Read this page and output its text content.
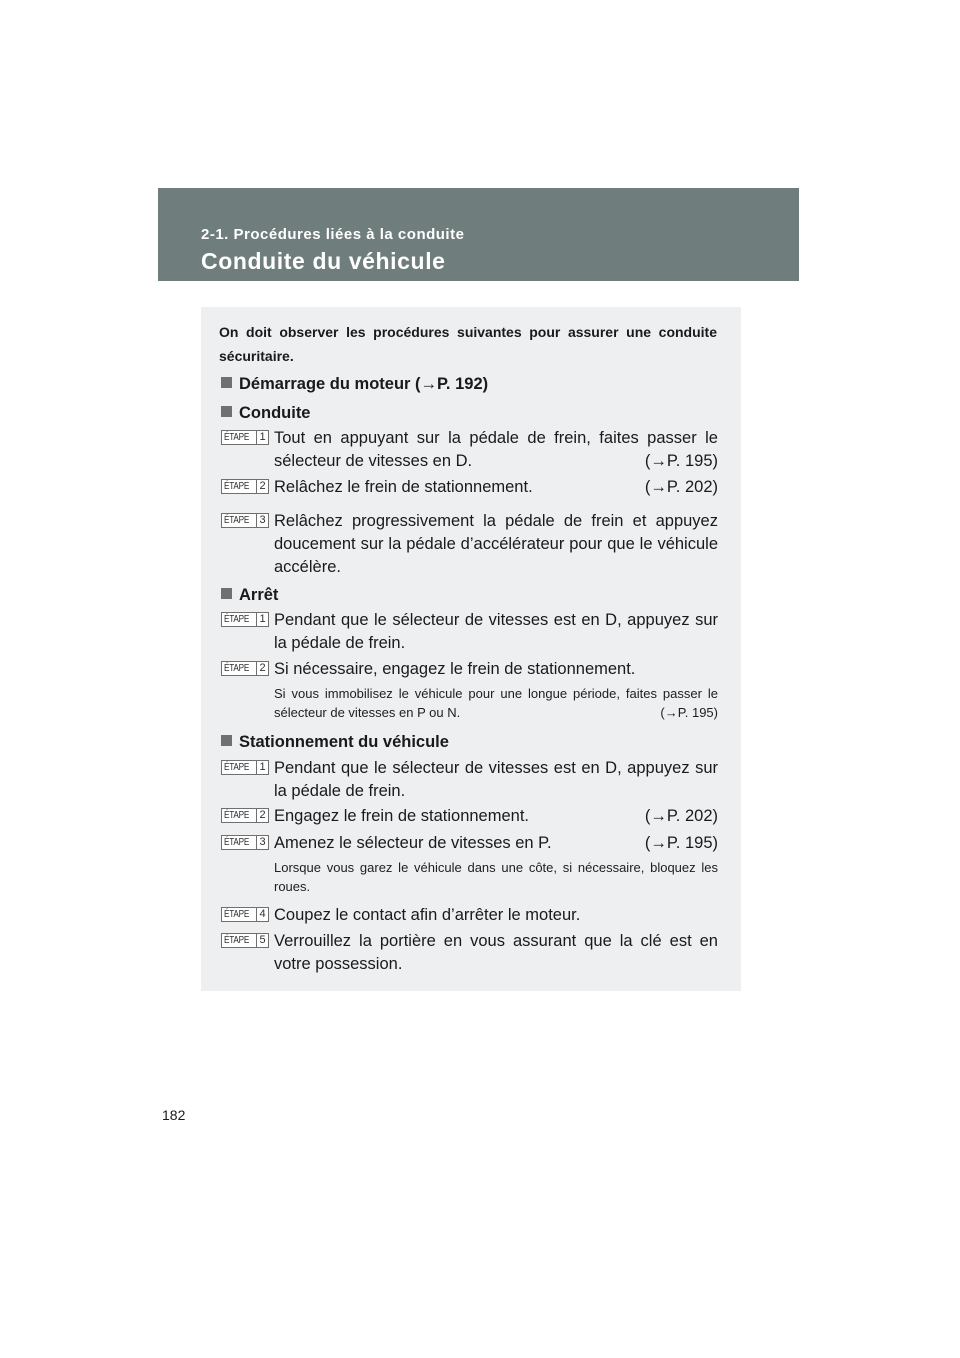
2-1. Procédures liées à la conduite
Conduite du véhicule
On doit observer les procédures suivantes pour assurer une conduite sécuritaire.
Démarrage du moteur (→P. 192)
Conduite
ÉTAPE 1 Tout en appuyant sur la pédale de frein, faites passer le sélecteur de vitesses en D.	(→P. 195)
ÉTAPE 2 Relâchez le frein de stationnement.	(→P. 202)
ÉTAPE 3 Relâchez progressivement la pédale de frein et appuyez doucement sur la pédale d’accélérateur pour que le véhicule accélère.
Arrêt
ÉTAPE 1 Pendant que le sélecteur de vitesses est en D, appuyez sur la pédale de frein.
ÉTAPE 2 Si nécessaire, engagez le frein de stationnement.
Si vous immobilisez le véhicule pour une longue période, faites passer le sélecteur de vitesses en P ou N.	(→P. 195)
Stationnement du véhicule
ÉTAPE 1 Pendant que le sélecteur de vitesses est en D, appuyez sur la pédale de frein.
ÉTAPE 2 Engagez le frein de stationnement.	(→P. 202)
ÉTAPE 3 Amenez le sélecteur de vitesses en P.	(→P. 195)
Lorsque vous garez le véhicule dans une côte, si nécessaire, bloquez les roues.
ÉTAPE 4 Coupez le contact afin d’arrêter le moteur.
ÉTAPE 5 Verrouillez la portière en vous assurant que la clé est en votre possession.
182
